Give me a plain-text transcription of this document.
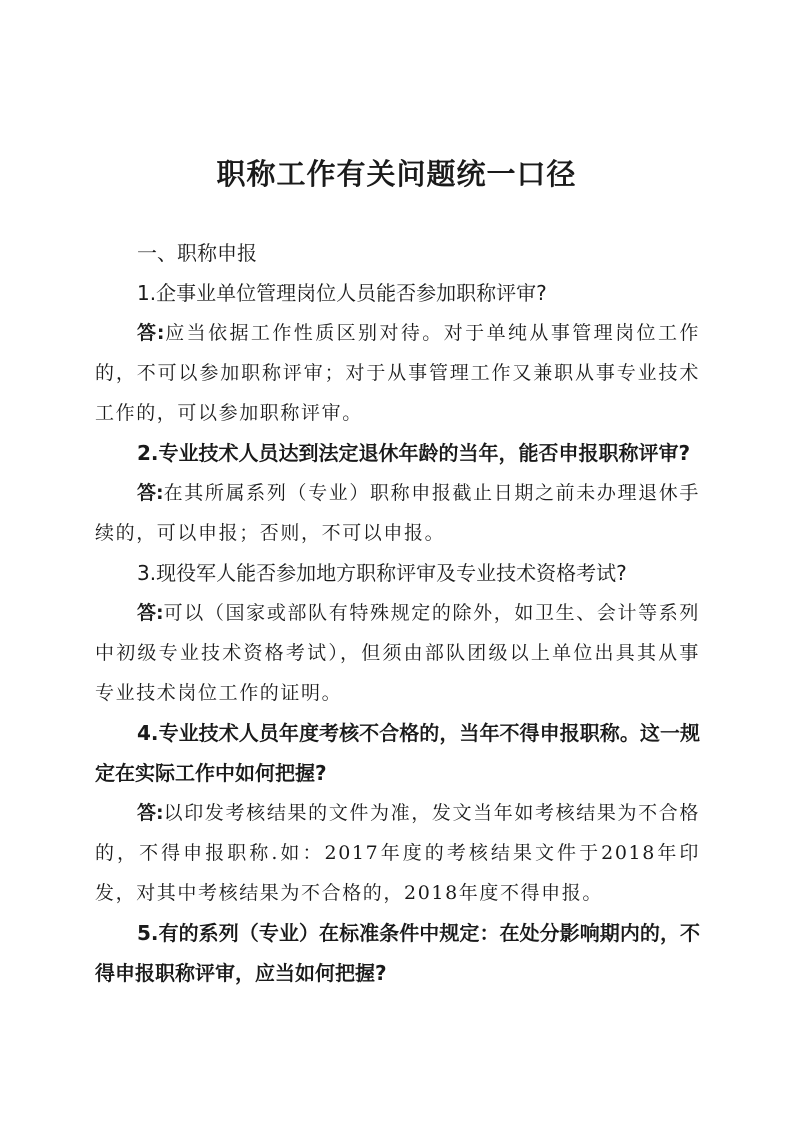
职称工作有关问题统一口径

一、职称申报

1.企事业单位管理岗位人员能否参加职称评审?

答:应当依据工作性质区别对待。对于单纯从事管理岗位工作的，不可以参加职称评审；对于从事管理工作又兼职从事专业技术工作的，可以参加职称评审。

2.专业技术人员达到法定退休年龄的当年，能否申报职称评审?

答:在其所属系列（专业）职称申报截止日期之前未办理退休手续的，可以申报；否则，不可以申报。

3.现役军人能否参加地方职称评审及专业技术资格考试?

答:可以（国家或部队有特殊规定的除外，如卫生、会计等系列中初级专业技术资格考试），但须由部队团级以上单位出具其从事专业技术岗位工作的证明。

4.专业技术人员年度考核不合格的，当年不得申报职称。这一规定在实际工作中如何把握?

答:以印发考核结果的文件为准，发文当年如考核结果为不合格的，不得申报职称.如：2017年度的考核结果文件于2018年印发，对其中考核结果为不合格的，2018年度不得申报。

5.有的系列（专业）在标准条件中规定：在处分影响期内的，不得申报职称评审，应当如何把握?
